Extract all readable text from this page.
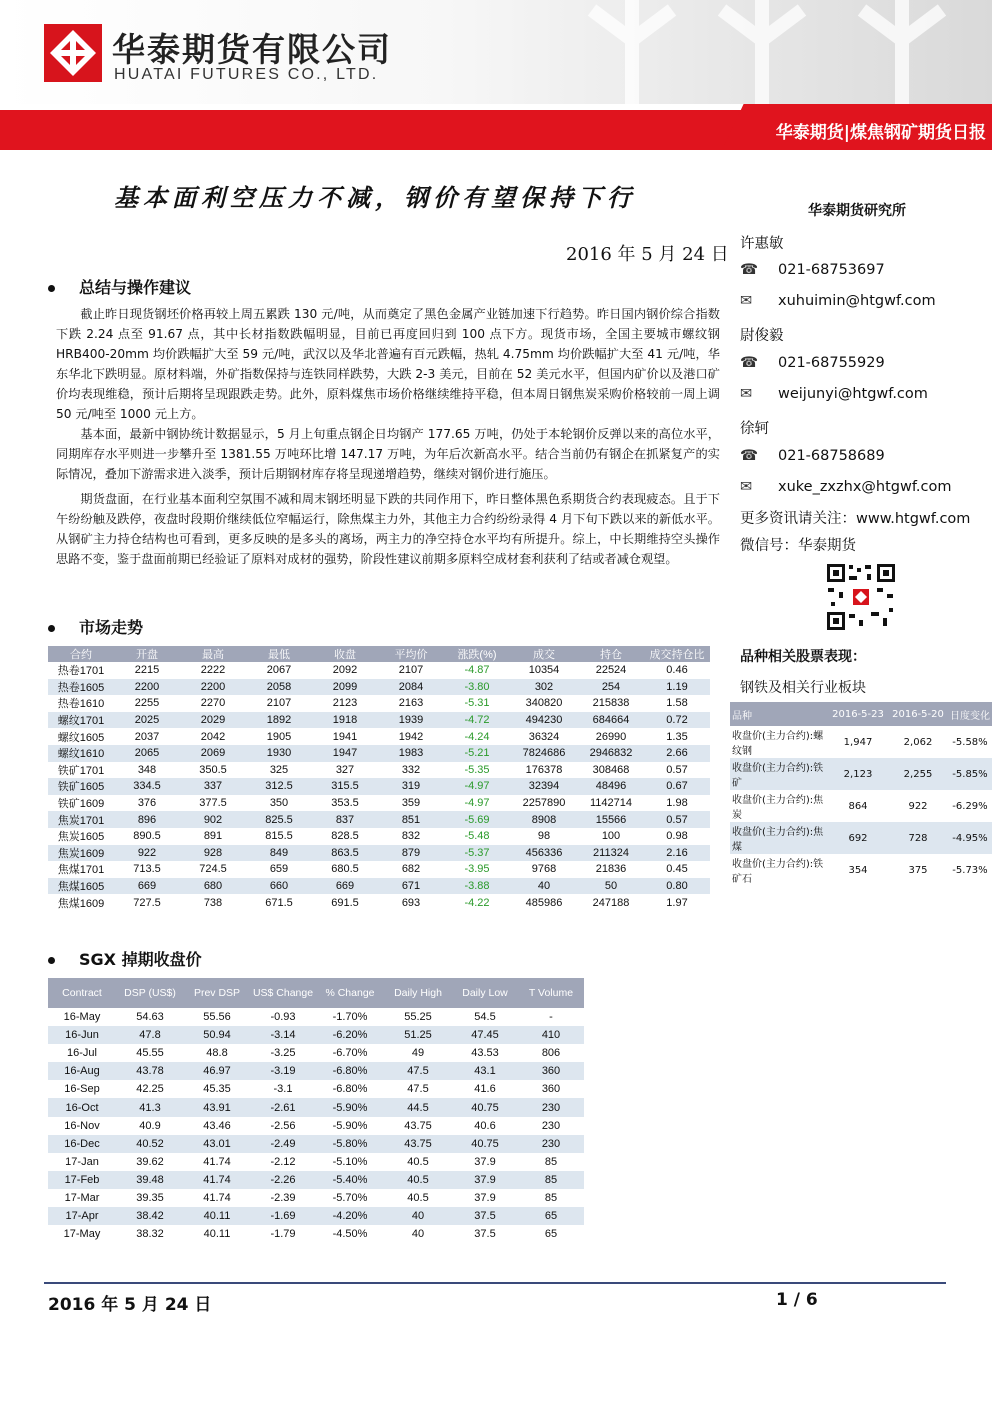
华泰期货有限公司
HUATAI FUTURES CO., LTD.
华泰期货|煤焦钢矿期货日报
基本面利空压力不减，钢价有望保持下行	华泰期货研究所
2016 年 5 月 24 日
总结与操作建议

截止昨日现货钢坯价格再较上周五累跌 130 元/吨，从而奠定了黑色金属产业链加速下行趋势。昨日国内钢价综合指数下跌 2.24 点至 91.67 点，其中长材指数跌幅明显，目前已再度回归到 100 点下方。现货市场，全国主要城市螺纹钢 HRB400-20mm 均价跌幅扩大至 59 元/吨，武汉以及华北普遍有百元跌幅，热轧 4.75mm 均价跌幅扩大至 41 元/吨，华东华北下跌明显。原材料端，外矿指数保持与连铁同样跌势，大跌 2-3 美元，目前在 52 美元水平，但国内矿价以及港口矿价均表现维稳，预计后期将呈现跟跌走势。此外，原料煤焦市场价格继续维持平稳，但本周日钢焦炭采购价格较前一周上调 50 元/吨至 1000 元上方。

基本面，最新中钢协统计数据显示，5 月上旬重点钢企日均钢产 177.65 万吨，仍处于本轮钢价反弹以来的高位水平，同期库存水平则进一步攀升至 1381.55 万吨环比增 147.17 万吨，为年后次新高水平。结合当前仍有钢企在抓紧复产的实际情况，叠加下游需求进入淡季，预计后期钢材库存将呈现递增趋势，继续对钢价进行施压。

期货盘面，在行业基本面利空氛围不减和周末钢坯明显下跌的共同作用下，昨日整体黑色系期货合约表现疲态。且于下午纷纷触及跌停，夜盘时段期价继续低位窄幅运行，除焦煤主力外，其他主力合约纷纷录得 4 月下旬下跌以来的新低水平。从钢矿主力持仓结构也可看到，更多反映的是多头的离场，两主力的净空持仓水平均有所提升。综上，中长期维持空头操作思路不变，鉴于盘面前期已经验证了原料对成材的强势，阶段性建议前期多原料空成材套利获利了结或者减仓观望。

许惠敏
☎ 021-68753697
✉ xuhuimin@htgwf.com
尉俊毅
☎ 021-68755929
✉ weijunyi@htgwf.com
徐轲
☎ 021-68758689
✉ xuke_zxzhx@htgwf.com
更多资讯请关注：www.htgwf.com
微信号：华泰期货
市场走势
合约	开盘	最高	最低	收盘	平均价	涨跌(%)	成交	持仓	成交持仓比
热卷1701	2215	2222	2067	2092	2107	-4.87	10354	22524	0.46
热卷1605	2200	2200	2058	2099	2084	-3.80	302	254	1.19
热卷1610	2255	2270	2107	2123	2163	-5.31	340820	215838	1.58
螺纹1701	2025	2029	1892	1918	1939	-4.72	494230	684664	0.72
螺纹1605	2037	2042	1905	1941	1942	-4.24	36324	26990	1.35
螺纹1610	2065	2069	1930	1947	1983	-5.21	7824686	2946832	2.66
铁矿1701	348	350.5	325	327	332	-5.35	176378	308468	0.57
铁矿1605	334.5	337	312.5	315.5	319	-4.97	32394	48496	0.67
铁矿1609	376	377.5	350	353.5	359	-4.97	2257890	1142714	1.98
焦炭1701	896	902	825.5	837	851	-5.69	8908	15566	0.57
焦炭1605	890.5	891	815.5	828.5	832	-5.48	98	100	0.98
焦炭1609	922	928	849	863.5	879	-5.37	456336	211324	2.16
焦煤1701	713.5	724.5	659	680.5	682	-3.95	9768	21836	0.45
焦煤1605	669	680	660	669	671	-3.88	40	50	0.80
焦煤1609	727.5	738	671.5	691.5	693	-4.22	485986	247188	1.97
品种相关股票表现：
钢铁及相关行业板块
品种	2016-5-23	2016-5-20	日度变化
收盘价(主力合约):螺纹钢	1,947	2,062	-5.58%
收盘价(主力合约):铁矿	2,123	2,255	-5.85%
收盘价(主力合约):焦炭	864	922	-6.29%
收盘价(主力合约):焦煤	692	728	-4.95%
收盘价(主力合约):铁矿石	354	375	-5.73%
SGX 掉期收盘价
Contract	DSP (US$)	Prev DSP	US$ Change	% Change	Daily High	Daily Low	T Volume
16-May	54.63	55.56	-0.93	-1.70%	55.25	54.5	-
16-Jun	47.8	50.94	-3.14	-6.20%	51.25	47.45	410
16-Jul	45.55	48.8	-3.25	-6.70%	49	43.53	806
16-Aug	43.78	46.97	-3.19	-6.80%	47.5	43.1	360
16-Sep	42.25	45.35	-3.1	-6.80%	47.5	41.6	360
16-Oct	41.3	43.91	-2.61	-5.90%	44.5	40.75	230
16-Nov	40.9	43.46	-2.56	-5.90%	43.75	40.6	230
16-Dec	40.52	43.01	-2.49	-5.80%	43.75	40.75	230
17-Jan	39.62	41.74	-2.12	-5.10%	40.5	37.9	85
17-Feb	39.48	41.74	-2.26	-5.40%	40.5	37.9	85
17-Mar	39.35	41.74	-2.39	-5.70%	40.5	37.9	85
17-Apr	38.42	40.11	-1.69	-4.20%	40	37.5	65
17-May	38.32	40.11	-1.79	-4.50%	40	37.5	65
2016 年 5 月 24 日	1 / 6
